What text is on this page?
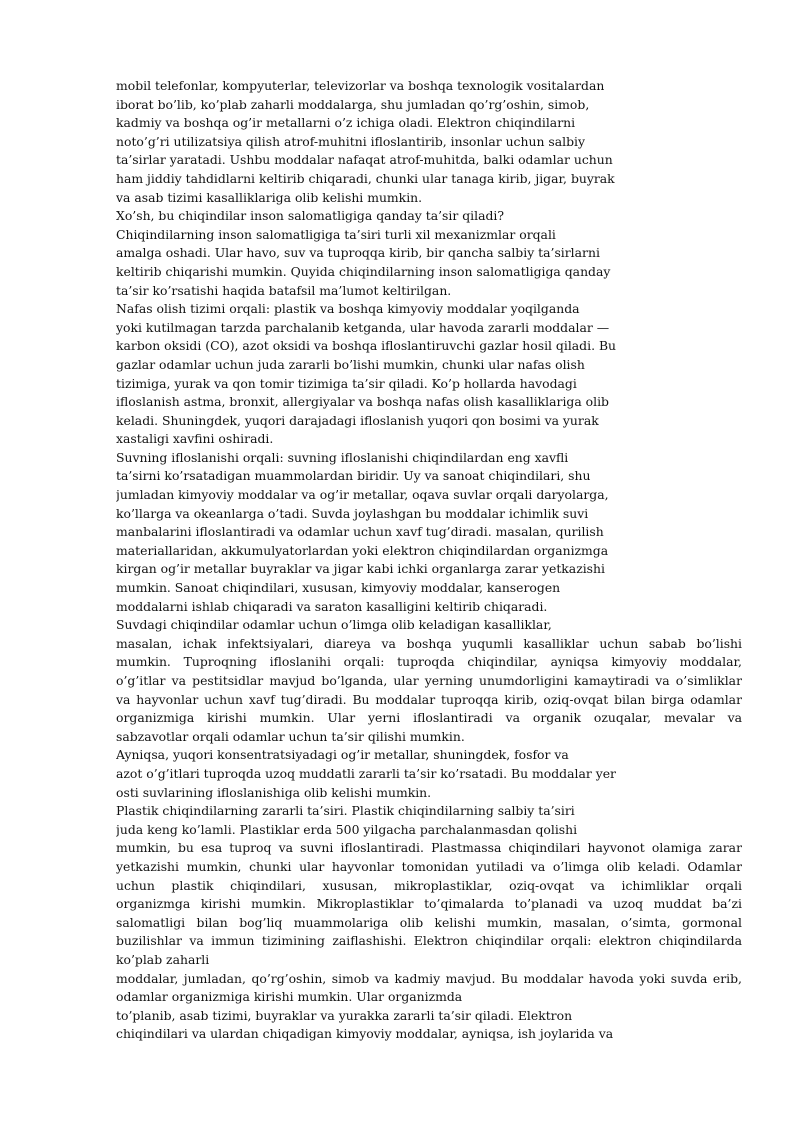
mobil telefonlar, kompyuterlar, televizorlar va boshqa texnologik vositalardan
iborat bo’lib, ko’plab zaharli moddalarga, shu jumladan qo’rg’oshin, simob,
kadmiy va boshqa og’ir metallarni o’z ichiga oladi. Elektron chiqindilarni
noto’g’ri utilizatsiya qilish atrof-muhitni ifloslantirib, insonlar uchun salbiy
ta’sirlar yaratadi. Ushbu moddalar nafaqat atrof-muhitda, balki odamlar uchun
ham jiddiy tahdidlarni keltirib chiqaradi, chunki ular tanaga kirib, jigar, buyrak
va asab tizimi kasalliklariga olib kelishi mumkin.
Xo’sh, bu chiqindilar inson salomatligiga qanday ta’sir qiladi?
Chiqindilarning inson salomatligiga ta’siri turli xil mexanizmlar orqali
amalga oshadi. Ular havo, suv va tuproqqa kirib, bir qancha salbiy ta’sirlarni
keltirib chiqarishi mumkin. Quyida chiqindilarning inson salomatligiga qanday
ta’sir ko’rsatishi haqida batafsil ma’lumot keltirilgan.
Nafas olish tizimi orqali: plastik va boshqa kimyoviy moddalar yoqilganda
yoki kutilmagan tarzda parchalanib ketganda, ular havoda zararli moddalar —
karbon oksidi (CO), azot oksidi va boshqa ifloslantiruvchi gazlar hosil qiladi. Bu
gazlar odamlar uchun juda zararli bo’lishi mumkin, chunki ular nafas olish
tizimiga, yurak va qon tomir tizimiga ta’sir qiladi. Ko’p hollarda havodagi
ifloslanish astma, bronxit, allergiyalar va boshqa nafas olish kasalliklariga olib
keladi. Shuningdek, yuqori darajadagi ifloslanish yuqori qon bosimi va yurak
xastaligi xavfini oshiradi.
Suvning ifloslanishi orqali: suvning ifloslanishi chiqindilardan eng xavfli
ta’sirni ko’rsatadigan muammolardan biridir. Uy va sanoat chiqindilari, shu
jumladan kimyoviy moddalar va og’ir metallar, oqava suvlar orqali daryolarga,
ko’llarga va okeanlarga o’tadi. Suvda joylashgan bu moddalar ichimlik suvi
manbalarini ifloslantiradi va odamlar uchun xavf tug’diradi. masalan, qurilish
materiallaridan, akkumulyatorlardan yoki elektron chiqindilardan organizmga
kirgan og’ir metallar buyraklar va jigar kabi ichki organlarga zarar yetkazishi
mumkin. Sanoat chiqindilari, xususan, kimyoviy moddalar, kanserogen
moddalarni ishlab chiqaradi va saraton kasalligini keltirib chiqaradi.
Suvdagi chiqindilar odamlar uchun o’limga olib keladigan kasalliklar,
masalan, ichak infektsiyalari, diareya va boshqa yuqumli kasalliklar uchun sabab bo’lishi
mumkin. Tuproqning ifloslanihi orqali: tuproqda chiqindilar, ayniqsa kimyoviy moddalar,
o’g’itlar va pestitsidlar mavjud bo’lganda, ular yerning unumdorligini kamaytiradi va o’simliklar
va hayvonlar uchun xavf tug’diradi. Bu moddalar tuproqqa kirib, oziq-ovqat bilan birga odamlar
organizmiga kirishi mumkin. Ular yerni ifloslantiradi va organik ozuqalar, mevalar va
sabzavotlar orqali odamlar uchun ta’sir qilishi mumkin.
Ayniqsa, yuqori konsentratsiyadagi og’ir metallar, shuningdek, fosfor va
azot o’g’itlari tuproqda uzoq muddatli zararli ta’sir ko’rsatadi. Bu moddalar yer
osti suvlarining ifloslanishiga olib kelishi mumkin.
Plastik chiqindilarning zararli ta’siri. Plastik chiqindilarning salbiy ta’siri
juda keng ko’lamli. Plastiklar erda 500 yilgacha parchalanmasdan qolishi
mumkin, bu esa tuproq va suvni ifloslantiradi. Plastmassa chiqindilari hayvonot olamiga zarar
yetkazishi mumkin, chunki ular hayvonlar tomonidan yutiladi va o’limga olib keladi. Odamlar
uchun plastik chiqindilari, xususan, mikroplastiklar, oziq-ovqat va ichimliklar orqali
organizmga kirishi mumkin. Mikroplastiklar to’qimalarda to’planadi va uzoq muddat ba’zi
salomatligi bilan bog’liq muammolariga olib kelishi mumkin, masalan, o’simta, gormonal
buzilishlar va immun tizimining zaiflashishi. Elektron chiqindilar orqali: elektron chiqindilarda
ko’plab zaharli
moddalar, jumladan, qo’rg’oshin, simob va kadmiy mavjud. Bu moddalar havoda yoki suvda erib,
odamlar organizmiga kirishi mumkin. Ular organizmda
to’planib, asab tizimi, buyraklar va yurakka zararli ta’sir qiladi. Elektron
chiqindilari va ulardan chiqadigan kimyoviy moddalar, ayniqsa, ish joylarida va
